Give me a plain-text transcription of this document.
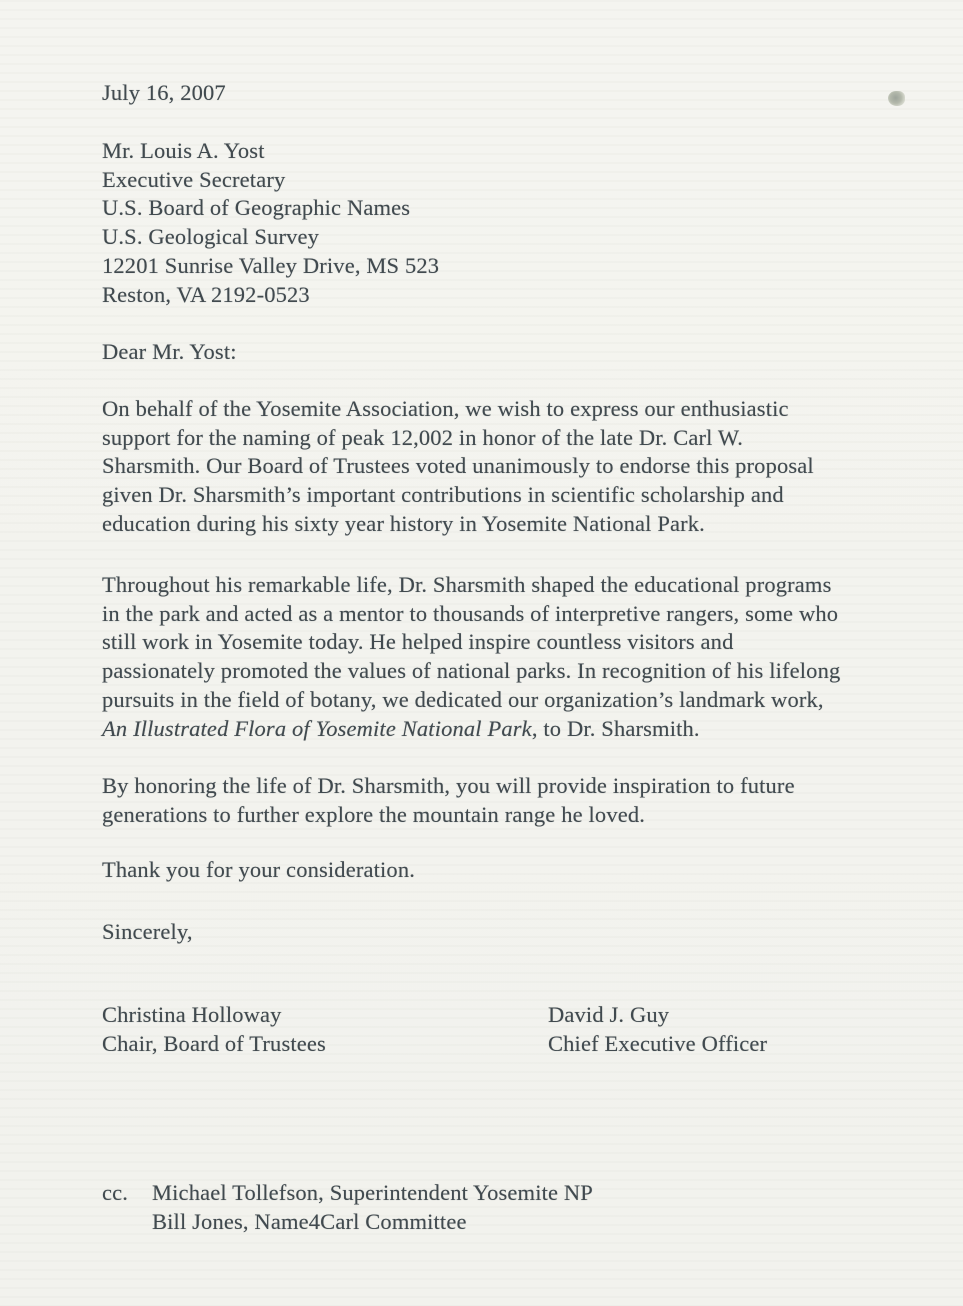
July 16, 2007
Mr. Louis A. Yost
Executive Secretary
U.S. Board of Geographic Names
U.S. Geological Survey
12201 Sunrise Valley Drive, MS 523
Reston, VA 2192-0523
Dear Mr. Yost:
On behalf of the Yosemite Association, we wish to express our enthusiastic
support for the naming of peak 12,002 in honor of the late Dr. Carl W.
Sharsmith. Our Board of Trustees voted unanimously to endorse this proposal
given Dr. Sharsmith’s important contributions in scientific scholarship and
education during his sixty year history in Yosemite National Park.
Throughout his remarkable life, Dr. Sharsmith shaped the educational programs
in the park and acted as a mentor to thousands of interpretive rangers, some who
still work in Yosemite today. He helped inspire countless visitors and
passionately promoted the values of national parks. In recognition of his lifelong
pursuits in the field of botany, we dedicated our organization’s landmark work,
An Illustrated Flora of Yosemite National Park, to Dr. Sharsmith.
By honoring the life of Dr. Sharsmith, you will provide inspiration to future
generations to further explore the mountain range he loved.
Thank you for your consideration.
Sincerely,
Christina Holloway
Chair, Board of Trustees
David J. Guy
Chief Executive Officer
cc.	Michael Tollefson, Superintendent Yosemite NP
Bill Jones, Name4Carl Committee
